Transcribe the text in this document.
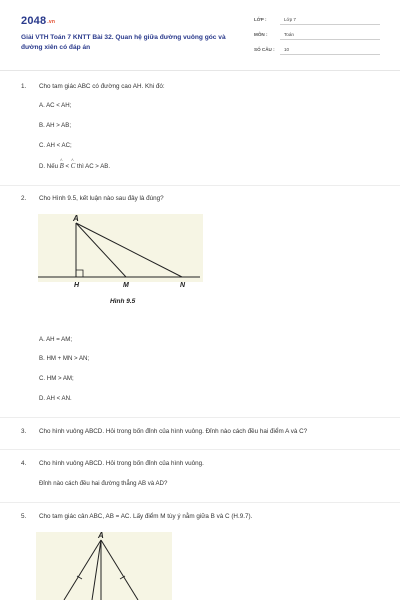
2048.vn
Giải VTH Toán 7 KNTT Bài 32. Quan hệ giữa đường vuông góc và đường xiên có đáp án
LỚP :	Lớp 7
MÔN :	Toán
SỐ CÂU : 10
1. Cho tam giác ABC có đường cao AH. Khi đó:
A. AC < AH;
B. AH > AB;
C. AH < AC;
D. Nếu ^ B < ^ C thì AC > AB.
2. Cho Hình 9.5, kết luận nào sau đây là đúng?
A
H	M	N
Hình 9.5
A. AH = AM;
B. HM + MN > AN;
C. HM > AM;
D. AH < AN.
3. Cho hình vuông ABCD. Hỏi trong bốn đỉnh của hình vuông. Đỉnh nào cách đều hai điểm A và C?
4. Cho hình vuông ABCD. Hỏi trong bốn đỉnh của hình vuông.
Đỉnh nào cách đều hai đường thẳng AB và AD?
5. Cho tam giác cân ABC, AB = AC. Lấy điểm M tùy ý nằm giữa B và C (H.9.7).
A
